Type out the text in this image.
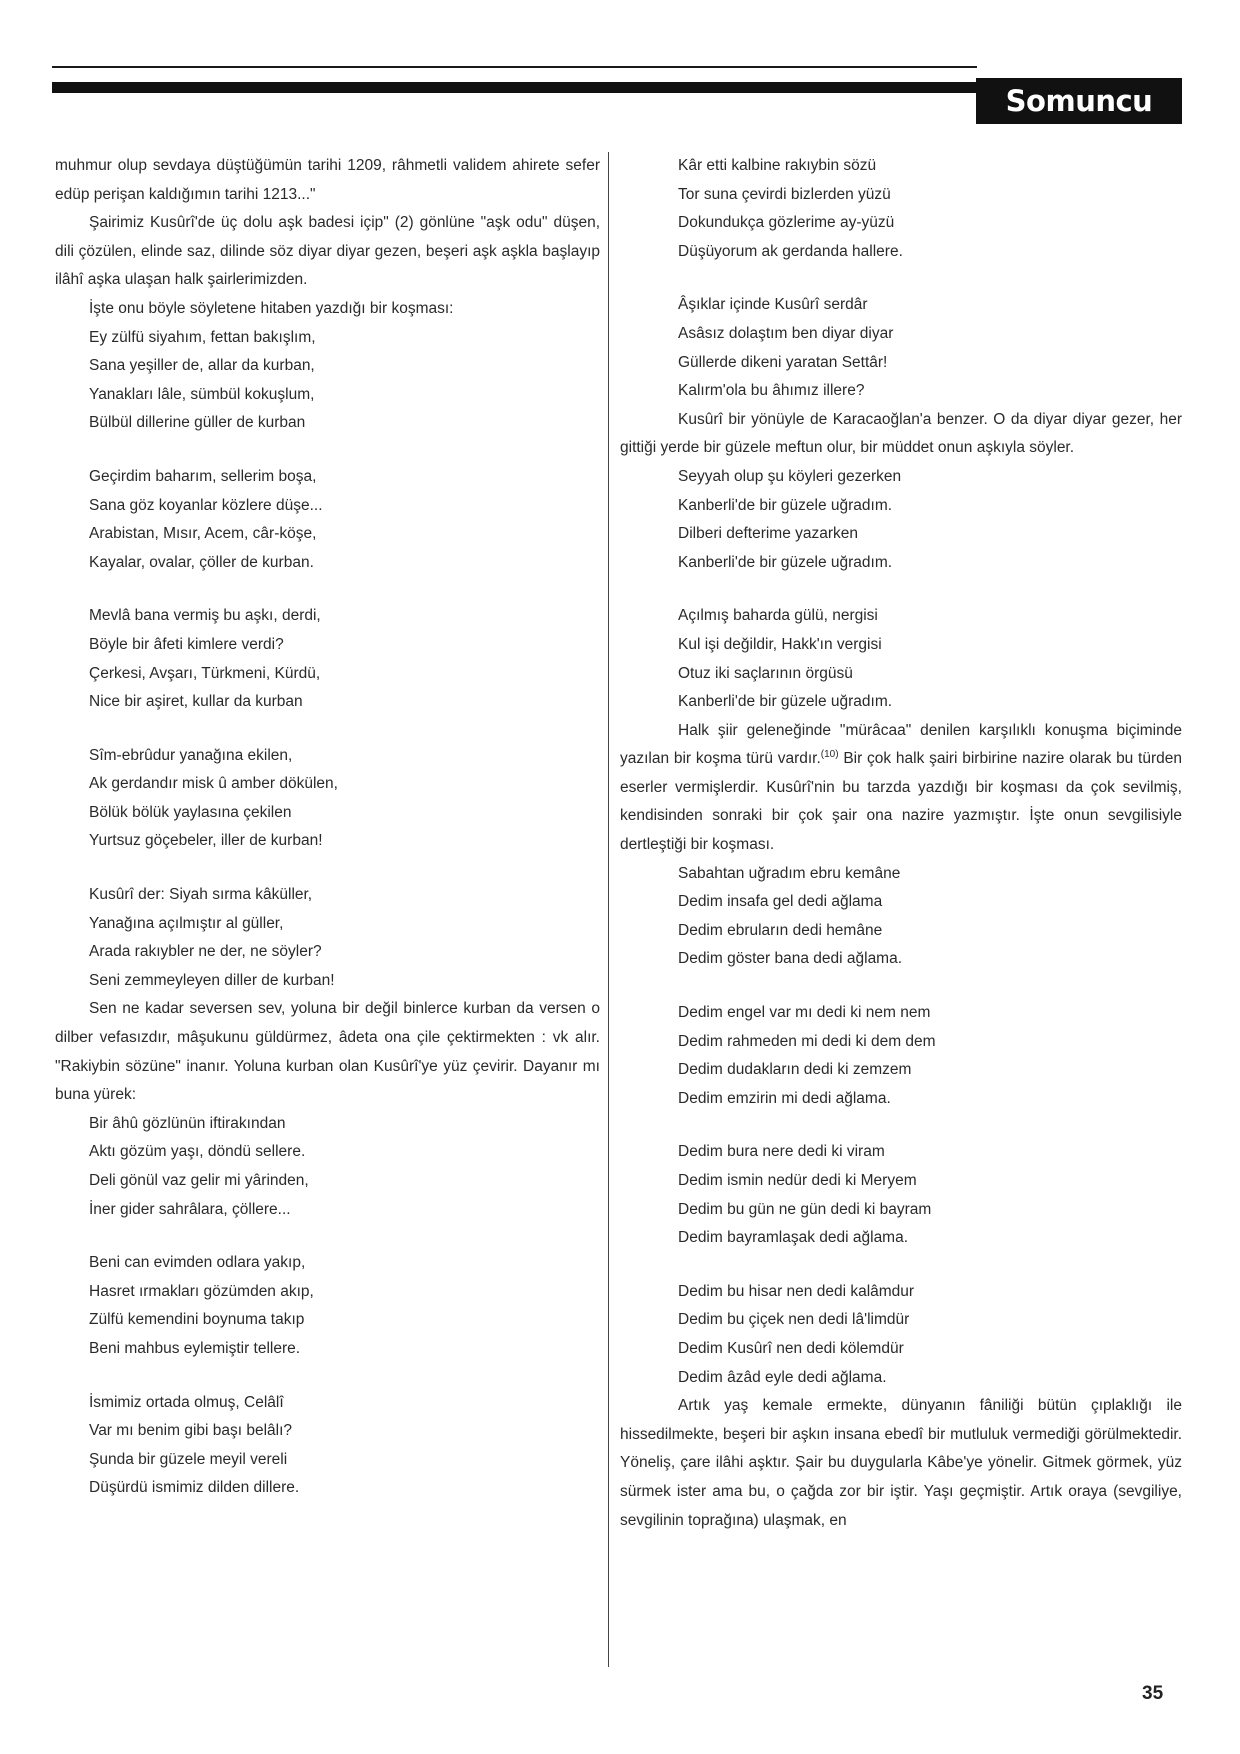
Somuncu Baba

muhmur olup sevdaya düştüğümün tarihi 1209, râhmetli validem ahirete sefer edüp perişan kaldığımın tarihi 1213..."

Şairimiz Kusûrî'de üç dolu aşk badesi içip" (2) gönlüne "aşk odu" düşen, dili çözülen, elinde saz, dilinde söz diyar diyar gezen, beşeri aşk aşkla başlayıp ilâhî aşka ulaşan halk şairlerimizden.

İşte onu böyle söyletene hitaben yazdığı bir koşması:

Ey zülfü siyahım, fettan bakışlım,
Sana yeşiller de, allar da kurban,
Yanakları lâle, sümbül kokuşlum,
Bülbül dillerine güller de kurban
Geçirdim baharım, sellerim boşa,
Sana göz koyanlar közlere düşe...
Arabistan, Mısır, Acem, câr-köşe,
Kayalar, ovalar, çöller de kurban.
Mevlâ bana vermiş bu aşkı, derdi,
Böyle bir âfeti kimlere verdi?
Çerkesi, Avşarı, Türkmeni, Kürdü,
Nice bir aşiret, kullar da kurban
Sîm-ebrûdur yanağına ekilen,
Ak gerdandır misk û amber dökülen,
Bölük bölük yaylasına çekilen
Yurtsuz göçebeler, iller de kurban!
Kusûrî der: Siyah sırma kâküller,
Yanağına açılmıştır al güller,
Arada rakıybler ne der, ne söyler?
Seni zemmeyleyen diller de kurban!

Sen ne kadar seversen sev, yoluna bir değil binlerce kurban da versen o dilber vefasızdır, mâşukunu güldürmez, âdeta ona çile çektirmekten : vk alır. "Rakiybin sözüne" inanır. Yoluna kurban olan Kusûrî'ye yüz çevirir. Dayanır mı buna yürek:

Bir âhû gözlünün iftirakından
Aktı gözüm yaşı, döndü sellere.
Deli gönül vaz gelir mi yârinden,
İner gider sahrâlara, çöllere...
Beni can evimden odlara yakıp,
Hasret ırmakları gözümden akıp,
Zülfü kemendini boynuma takıp
Beni mahbus eylemiştir tellere.
İsmimiz ortada olmuş, Celâlî
Var mı benim gibi başı belâlı?
Şunda bir güzele meyil vereli
Düşürdü ismimiz dilden dillere.
Kâr etti kalbine rakıybin sözü
Tor suna çevirdi bizlerden yüzü
Dokundukça gözlerime ay-yüzü
Düşüyorum ak gerdanda hallere.
Âşıklar içinde Kusûrî serdâr
Asâsız dolaştım ben diyar diyar
Güllerde dikeni yaratan Settâr!
Kalırm'ola bu âhımız illere?

Kusûrî bir yönüyle de Karacaoğlan'a benzer. O da diyar diyar gezer, her gittiği yerde bir güzele meftun olur, bir müddet onun aşkıyla söyler.

Seyyah olup şu köyleri gezerken
Kanberli'de bir güzele uğradım.
Dilberi defterime yazarken
Kanberli'de bir güzele uğradım.
Açılmış baharda gülü, nergisi
Kul işi değildir, Hakk'ın vergisi
Otuz iki saçlarının örgüsü
Kanberli'de bir güzele uğradım.

Halk şiir geleneğinde "mürâcaa" denilen karşılıklı konuşma biçiminde yazılan bir koşma türü vardır.$^{(10)}$ Bir çok halk şairi birbirine nazire olarak bu türden eserler vermişlerdir. Kusûrî'nin bu tarzda yazdığı bir koşması da çok sevilmiş, kendisinden sonraki bir çok şair ona nazire yazmıştır. İşte onun sevgilisiyle dertleştiği bir koşması.

Sabahtan uğradım ebru kemâne
Dedim insafa gel dedi ağlama
Dedim ebruların dedi hemâne
Dedim göster bana dedi ağlama.
Dedim engel var mı dedi ki nem nem
Dedim rahmeden mi dedi ki dem dem
Dedim dudakların dedi ki zemzem
Dedim emzirin mi dedi ağlama.
Dedim bura nere dedi ki viram
Dedim ismin nedür dedi ki Meryem
Dedim bu gün ne gün dedi ki bayram
Dedim bayramlaşak dedi ağlama.
Dedim bu hisar nen dedi kalâmdur
Dedim bu çiçek nen dedi lâ'limdür
Dedim Kusûrî nen dedi kölemdür
Dedim âzâd eyle dedi ağlama.

Artık yaş kemale ermekte, dünyanın fâniliği bütün çıplaklığı ile hissedilmekte, beşeri bir aşkın insana ebedî bir mutluluk vermediği görülmektedir. Yöneliş, çare ilâhi aşktır. Şair bu duygularla Kâbe'ye yönelir. Gitmek görmek, yüz sürmek ister ama bu, o çağda zor bir iştir. Yaşı geçmiştir. Artık oraya (sevgiliye, sevgilinin toprağına) ulaşmak, en

35
